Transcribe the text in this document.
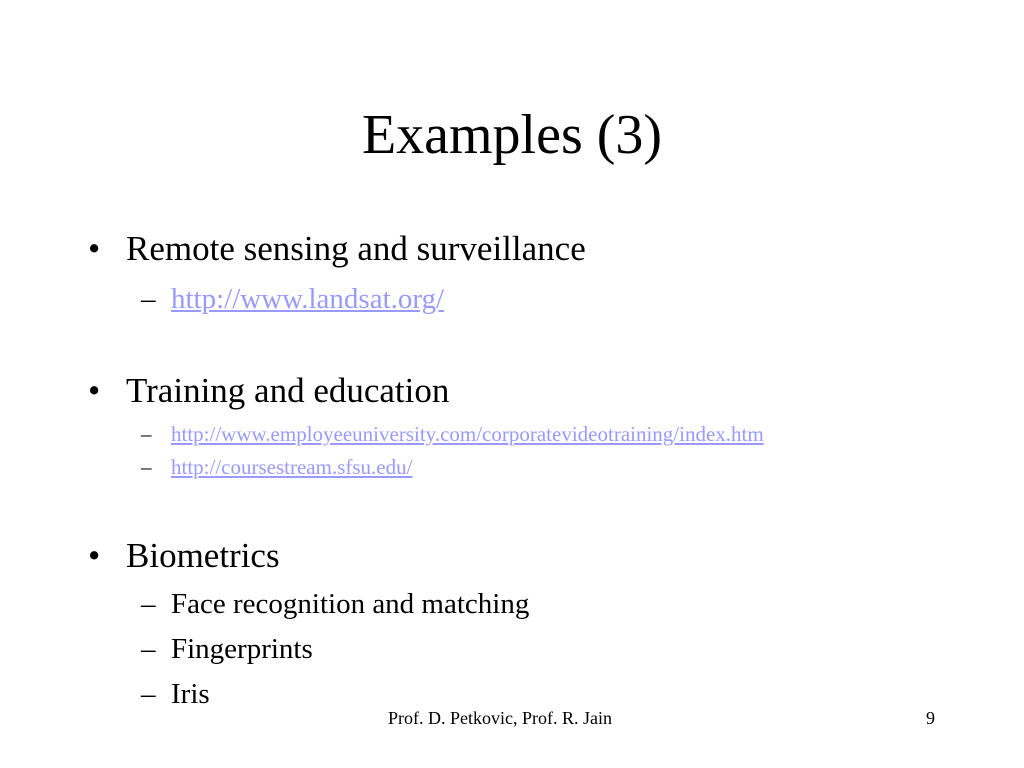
Examples (3)
• Remote sensing and surveillance
– http://www.landsat.org/
• Training and education
– http://www.employeeuniversity.com/corporatevideotraining/index.htm
– http://coursestream.sfsu.edu/
• Biometrics
– Face recognition and matching
– Fingerprints
– Iris
Prof. D. Petkovic, Prof. R. Jain	9
